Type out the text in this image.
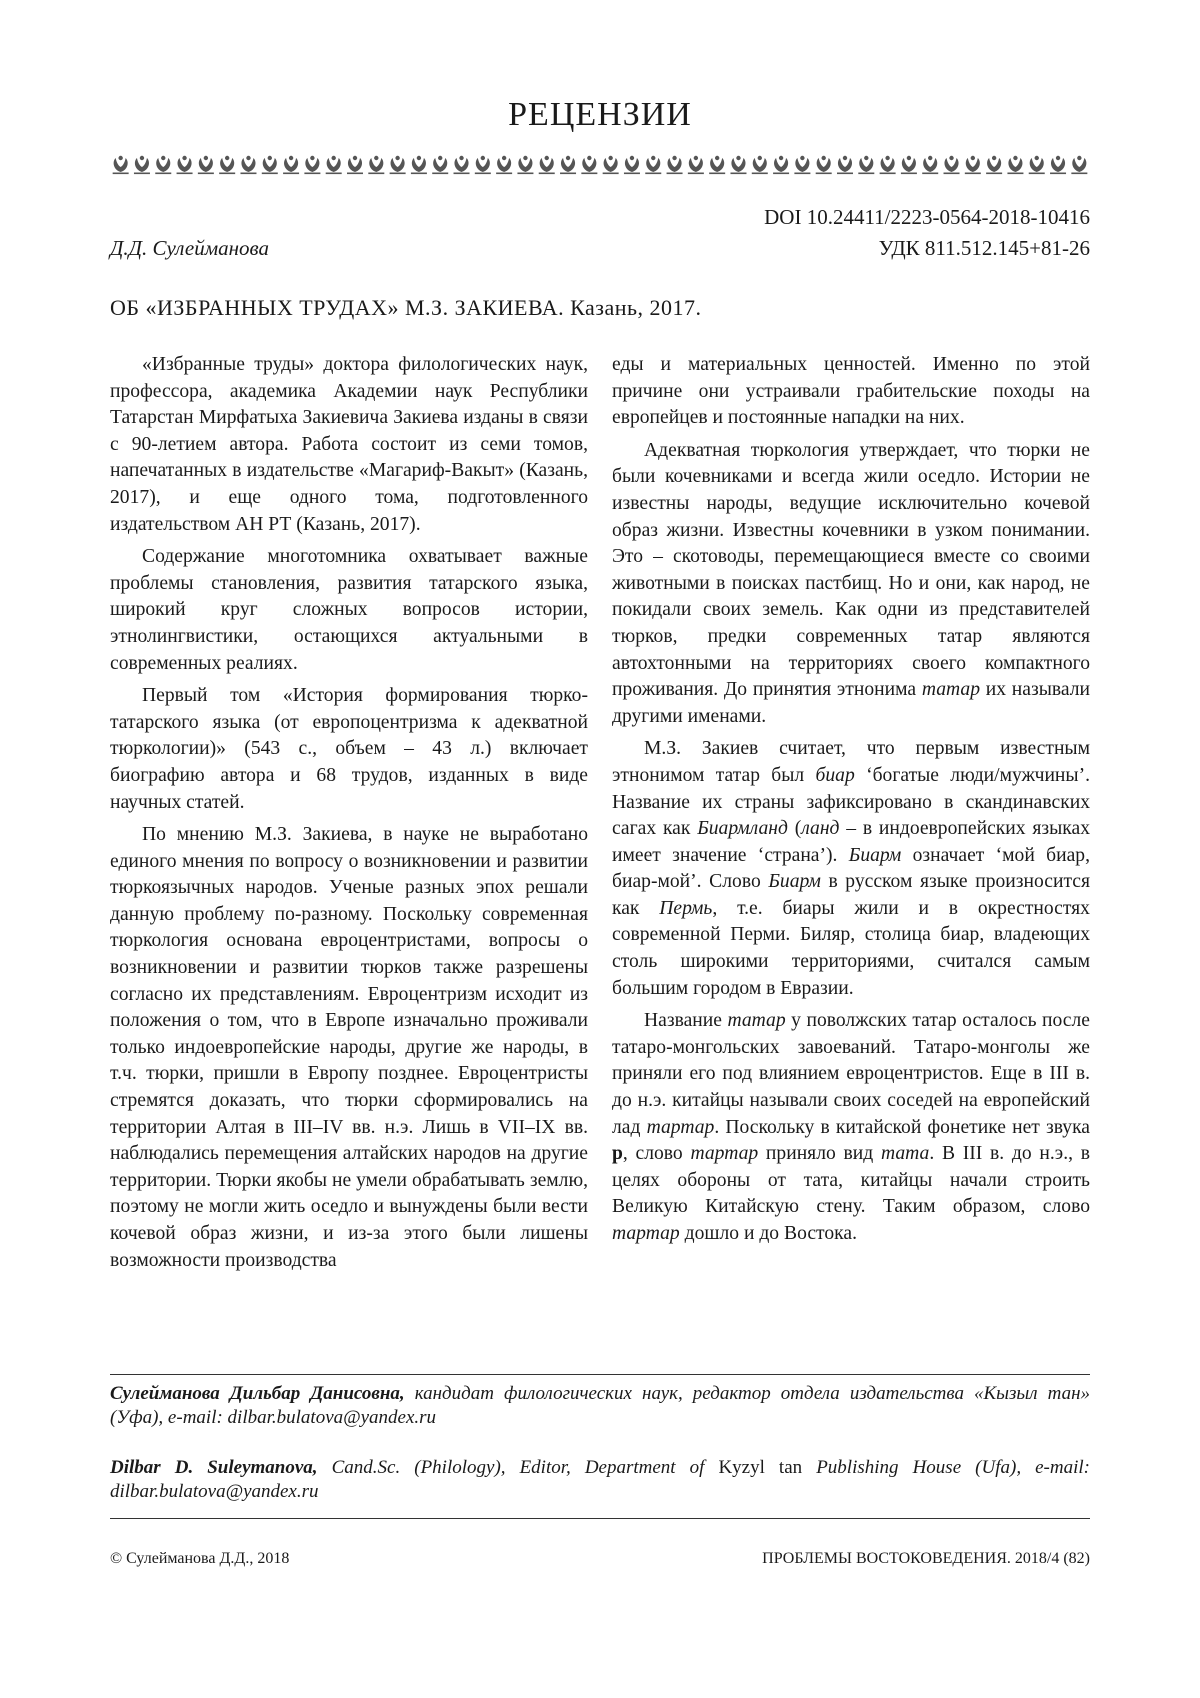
РЕЦЕНЗИИ
DOI 10.24411/2223-0564-2018-10416
Д.Д. Сулейманова	УДК 811.512.145+81-26
ОБ «ИЗБРАННЫХ ТРУДАХ» М.З. ЗАКИЕВА. Казань, 2017.

«Избранные труды» доктора филологических наук, профессора, академика Академии наук Республики Татарстан Мирфатыха Закиевича Закиева изданы в связи с 90-летием автора. Работа состоит из семи томов, напечатанных в издательстве «Магариф-Вакыт» (Казань, 2017), и еще одного тома, подготовленного издательством АН РТ (Казань, 2017).

Содержание многотомника охватывает важные проблемы становления, развития татарского языка, широкий круг сложных вопросов истории, этнолингвистики, остающихся актуальными в современных реалиях.

Первый том «История формирования тюрко-татарского языка (от европоцентризма к адекватной тюркологии)» (543 с., объем – 43 л.) включает биографию автора и 68 трудов, изданных в виде научных статей.

По мнению М.З. Закиева, в науке не выработано единого мнения по вопросу о возникновении и развитии тюркоязычных народов. Ученые разных эпох решали данную проблему по-разному. Поскольку современная тюркология основана евроцентристами, вопросы о возникновении и развитии тюрков также разрешены согласно их представлениям. Евроцентризм исходит из положения о том, что в Европе изначально проживали только индоевропейские народы, другие же народы, в т.ч. тюрки, пришли в Европу позднее. Евроцентристы стремятся доказать, что тюрки сформировались на территории Алтая в III–IV вв. н.э. Лишь в VII–IX вв. наблюдались перемещения алтайских народов на другие территории. Тюрки якобы не умели обрабатывать землю, поэтому не могли жить оседло и вынуждены были вести кочевой образ жизни, и из-за этого были лишены возможности производства

еды и материальных ценностей. Именно по этой причине они устраивали грабительские походы на европейцев и постоянные нападки на них.

Адекватная тюркология утверждает, что тюрки не были кочевниками и всегда жили оседло. Истории не известны народы, ведущие исключительно кочевой образ жизни. Известны кочевники в узком понимании. Это – скотоводы, перемещающиеся вместе со своими животными в поисках пастбищ. Но и они, как народ, не покидали своих земель. Как одни из представителей тюрков, предки современных татар являются автохтонными на территориях своего компактного проживания. До принятия этнонима татар их называли другими именами.

М.З. Закиев считает, что первым известным этнонимом татар был биар ‘богатые люди/мужчины’. Название их страны зафиксировано в скандинавских сагах как Биармланд (ланд – в индоевропейских языках имеет значение ‘страна’). Биарм означает ‘мой биар, биар-мой’. Слово Биарм в русском языке произносится как Пермь, т.е. биары жили и в окрестностях современной Перми. Биляр, столица биар, владеющих столь широкими территориями, считался самым большим городом в Евразии.

Название татар у поволжских татар осталось после татаро-монгольских завоеваний. Татаро-монголы же приняли его под влиянием евроцентристов. Еще в III в. до н.э. китайцы называли своих соседей на европейский лад тартар. Поскольку в китайской фонетике нет звука р, слово тартар приняло вид тата. В III в. до н.э., в целях обороны от тата, китайцы начали строить Великую Китайскую стену. Таким образом, слово тартар дошло и до Востока.

Сулейманова Дильбар Данисовна, кандидат филологических наук, редактор отдела издательства «Кызыл тан» (Уфа), e-mail: dilbar.bulatova@yandex.ru
Dilbar D. Suleymanova, Cand.Sc. (Philology), Editor, Department of Kyzyl tan Publishing House (Ufa), e-mail: dilbar.bulatova@yandex.ru
© Сулейманова Д.Д., 2018	ПРОБЛЕМЫ ВОСТОКОВЕДЕНИЯ. 2018/4 (82)
